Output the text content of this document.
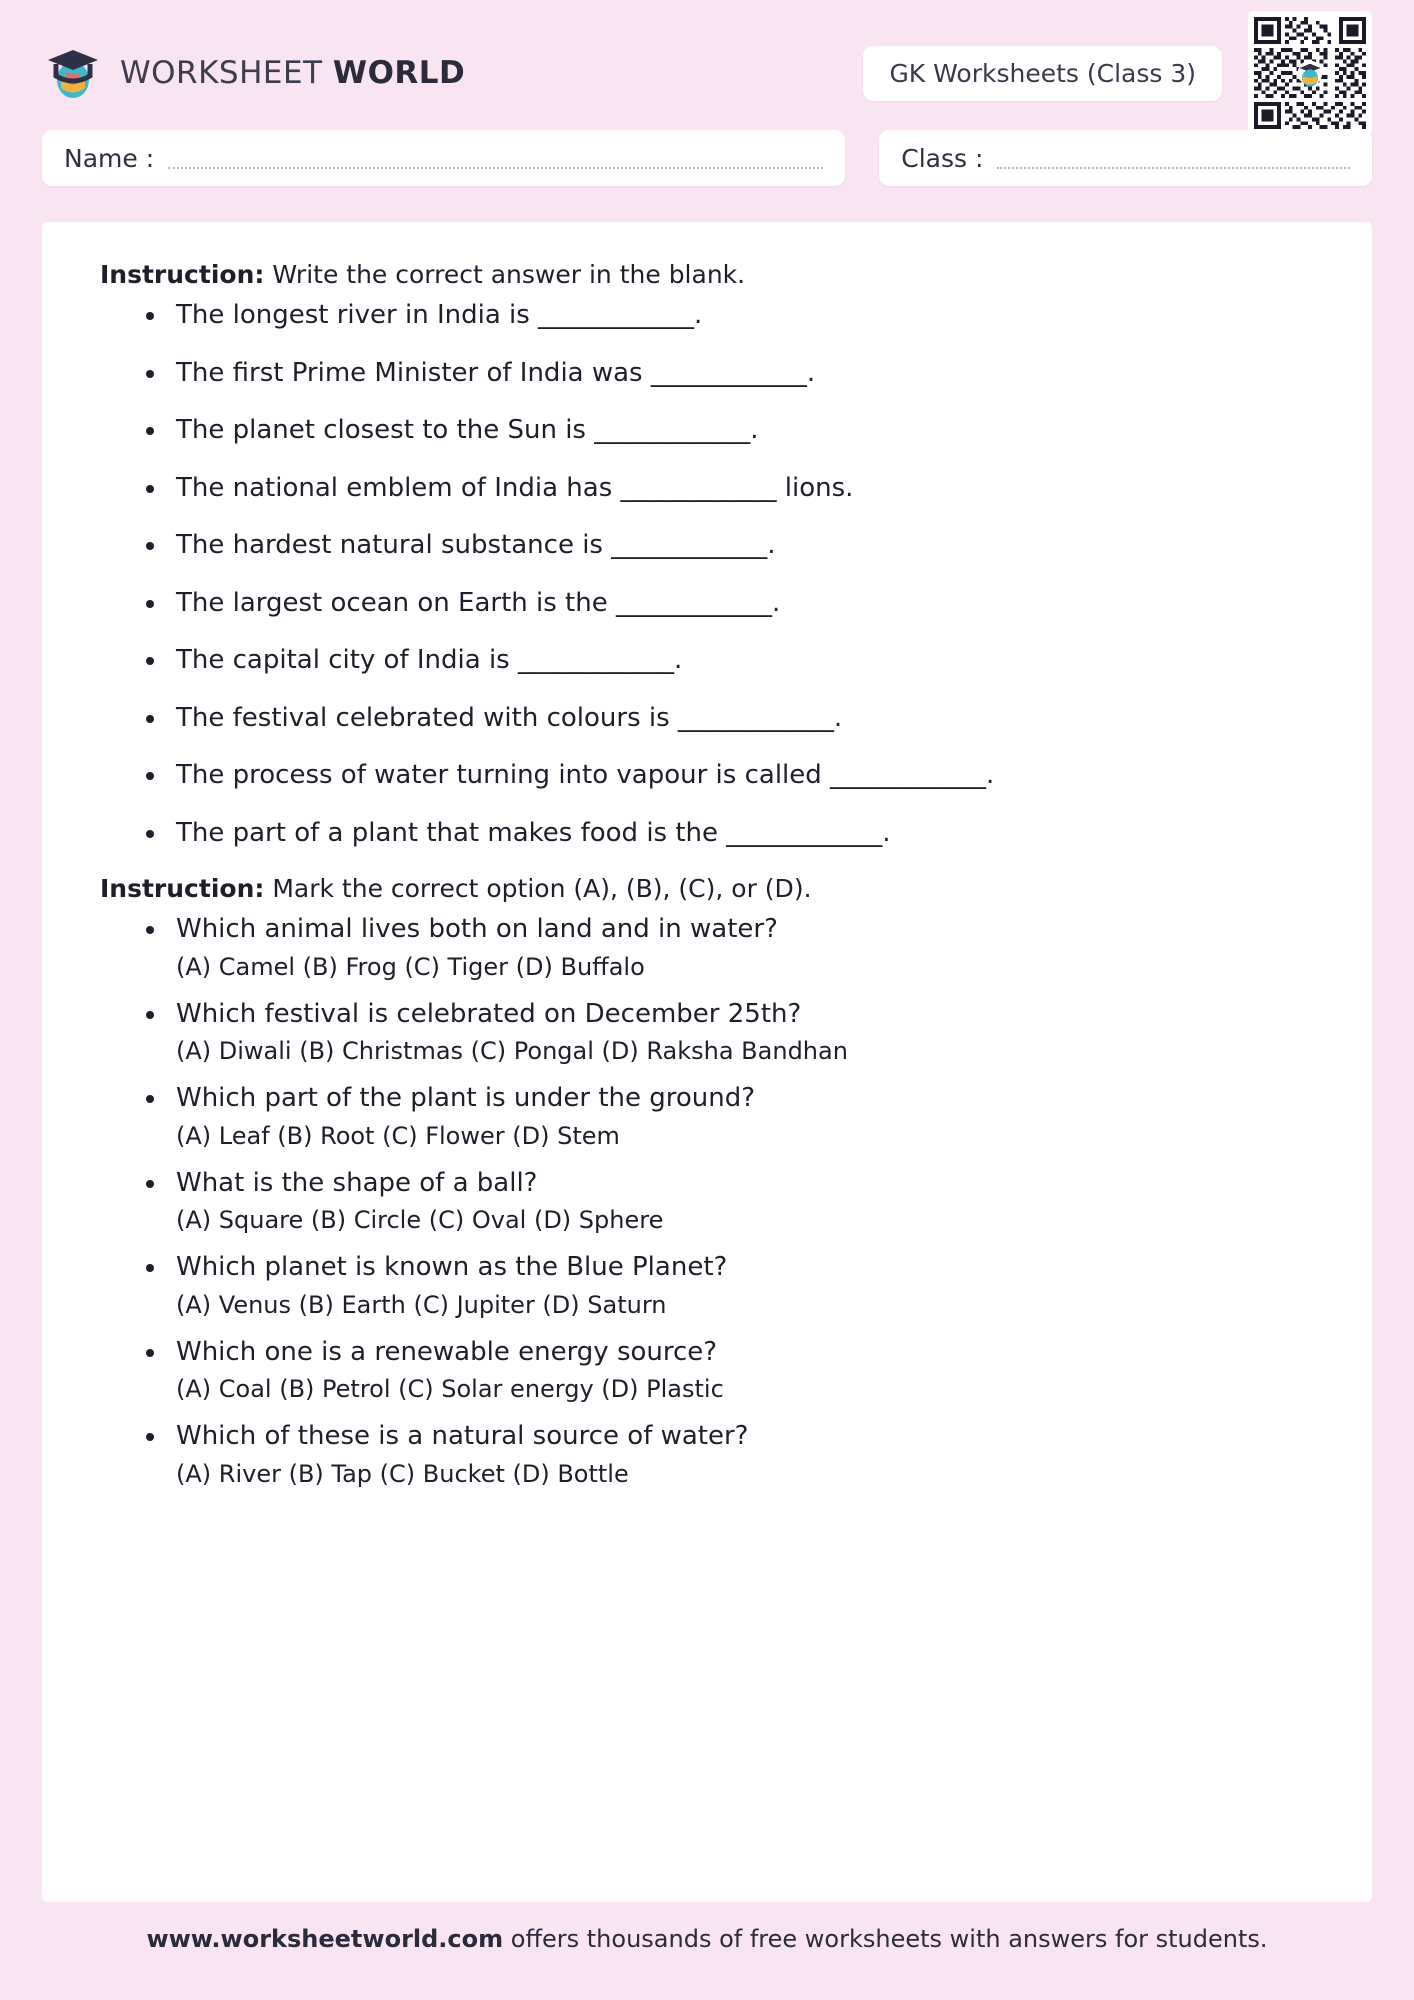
WORKSHEET WORLD	GK Worksheets (Class 3)
Name :	Class :
Instruction: Write the correct answer in the blank.
The longest river in India is ____________.
The first Prime Minister of India was ____________.
The planet closest to the Sun is ____________.
The national emblem of India has ____________ lions.
The hardest natural substance is ____________.
The largest ocean on Earth is the ____________.
The capital city of India is ____________.
The festival celebrated with colours is ____________.
The process of water turning into vapour is called ____________.
The part of a plant that makes food is the ____________.
Instruction: Mark the correct option (A), (B), (C), or (D).
Which animal lives both on land and in water?
(A) Camel (B) Frog (C) Tiger (D) Buffalo
Which festival is celebrated on December 25th?
(A) Diwali (B) Christmas (C) Pongal (D) Raksha Bandhan
Which part of the plant is under the ground?
(A) Leaf (B) Root (C) Flower (D) Stem
What is the shape of a ball?
(A) Square (B) Circle (C) Oval (D) Sphere
Which planet is known as the Blue Planet?
(A) Venus (B) Earth (C) Jupiter (D) Saturn
Which one is a renewable energy source?
(A) Coal (B) Petrol (C) Solar energy (D) Plastic
Which of these is a natural source of water?
(A) River (B) Tap (C) Bucket (D) Bottle
www.worksheetworld.com offers thousands of free worksheets with answers for students.
